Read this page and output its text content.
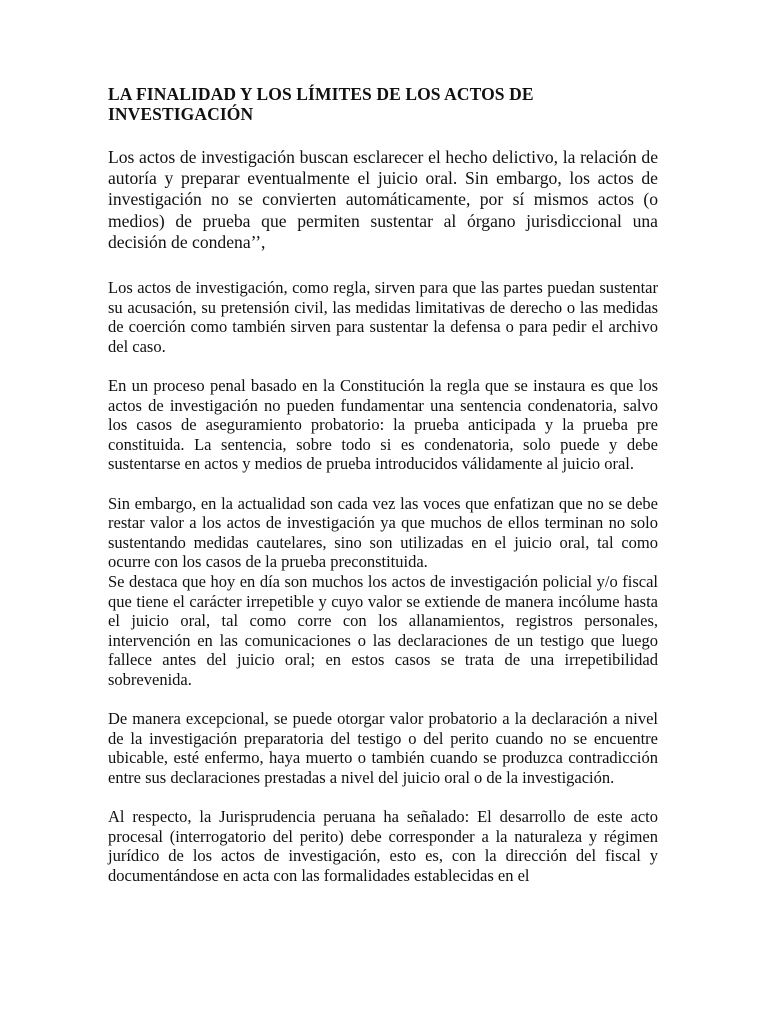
LA FINALIDAD Y LOS LÍMITES DE LOS ACTOS DE INVESTIGACIÓN

Los actos de investigación buscan esclarecer el hecho delictivo, la relación de autoría y preparar eventualmente el juicio oral. Sin embargo, los actos de investigación no se convierten automáticamente, por sí mismos actos (o medios) de prueba que permiten sustentar al órgano jurisdiccional una decisión de condena’’,

Los actos de investigación, como regla, sirven para que las partes puedan sustentar su acusación, su pretensión civil, las medidas limitativas de derecho o las medidas de coerción como también sirven para sustentar la defensa o para pedir el archivo del caso.

En un proceso penal basado en la Constitución la regla que se instaura es que los actos de investigación no pueden fundamentar una sentencia condenatoria, salvo los casos de aseguramiento probatorio: la prueba anticipada y la prueba pre constituida. La sentencia, sobre todo si es condenatoria, solo puede y debe sustentarse en actos y medios de prueba introducidos válidamente al juicio oral.

Sin embargo, en la actualidad son cada vez las voces que enfatizan que no se debe restar valor a los actos de investigación ya que muchos de ellos terminan no solo sustentando medidas cautelares, sino son utilizadas en el juicio oral, tal como ocurre con los casos de la prueba preconstituida.

Se destaca que hoy en día son muchos los actos de investigación policial y/o fiscal que tiene el carácter irrepetible y cuyo valor se extiende de manera incólume hasta el juicio oral, tal como corre con los allanamientos, registros personales, intervención en las comunicaciones o las declaraciones de un testigo que luego fallece antes del juicio oral; en estos casos se trata de una irrepetibilidad sobrevenida.

De manera excepcional, se puede otorgar valor probatorio a la declaración a nivel de la investigación preparatoria del testigo o del perito cuando no se encuentre ubicable, esté enfermo, haya muerto o también cuando se produzca contradicción entre sus declaraciones prestadas a nivel del juicio oral o de la investigación.

Al respecto, la Jurisprudencia peruana ha señalado: El desarrollo de este acto procesal (interrogatorio del perito) debe corresponder a la naturaleza y régimen jurídico de los actos de investigación, esto es, con la dirección del fiscal y documentándose en acta con las formalidades establecidas en el
